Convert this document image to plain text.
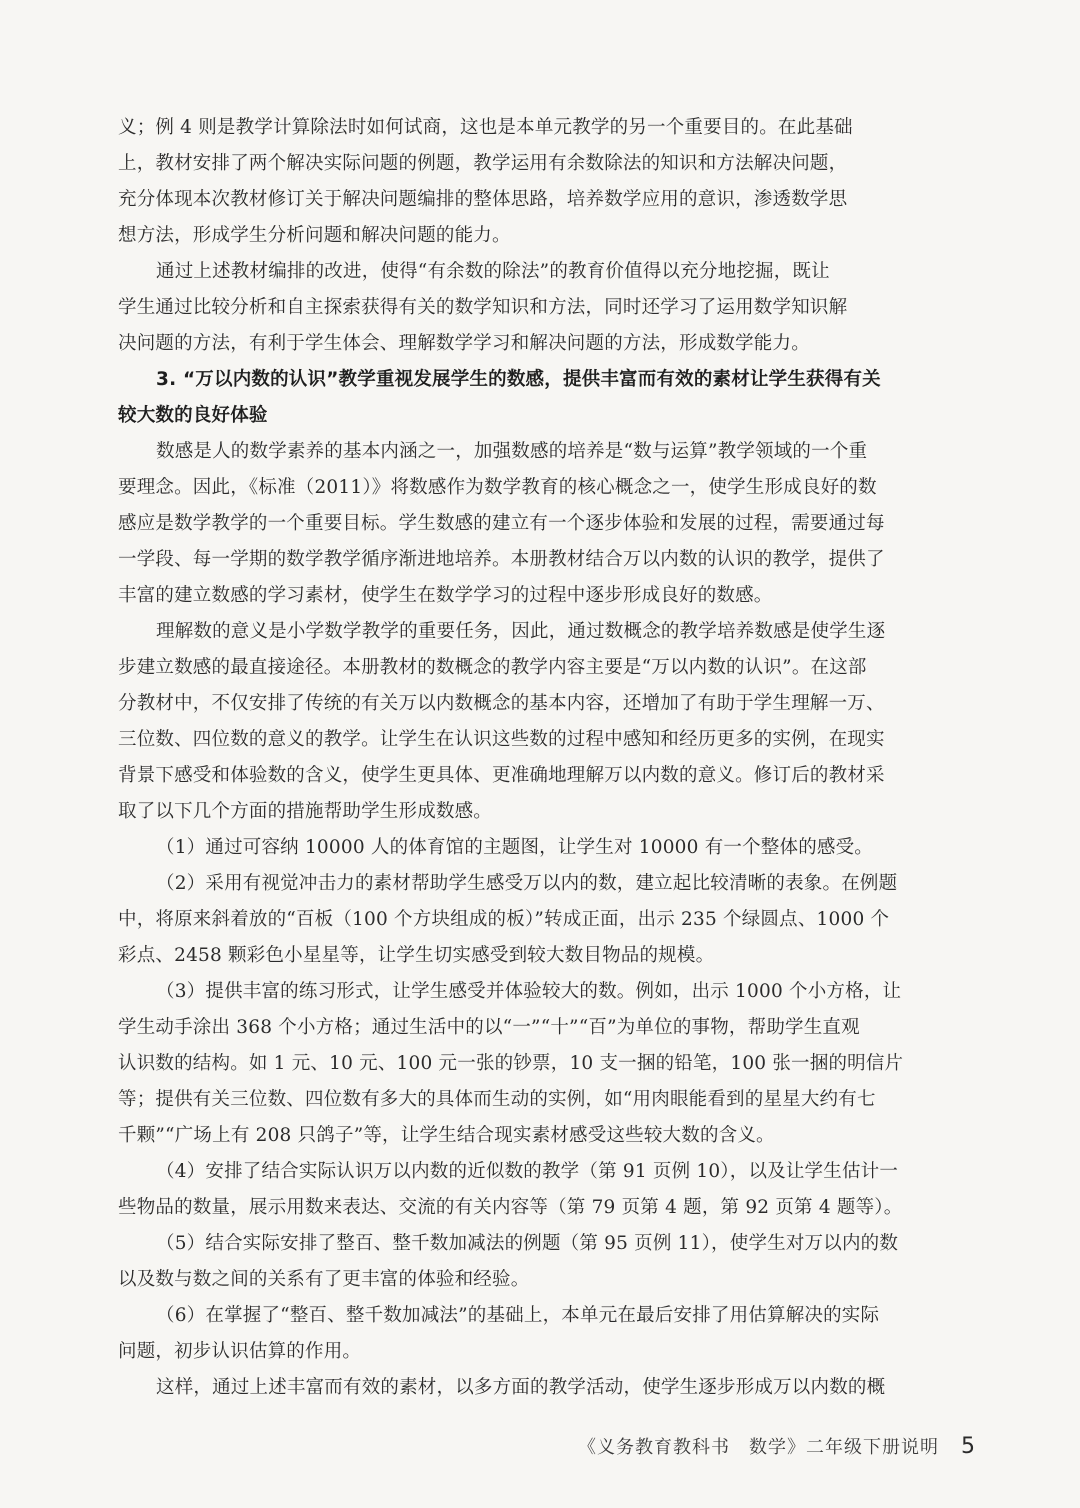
义；例 4 则是教学计算除法时如何试商，这也是本单元教学的另一个重要目的。在此基础
上，教材安排了两个解决实际问题的例题，教学运用有余数除法的知识和方法解决问题，
充分体现本次教材修订关于解决问题编排的整体思路，培养数学应用的意识，渗透数学思
想方法，形成学生分析问题和解决问题的能力。
通过上述教材编排的改进，使得“有余数的除法”的教育价值得以充分地挖掘，既让
学生通过比较分析和自主探索获得有关的数学知识和方法，同时还学习了运用数学知识解
决问题的方法，有利于学生体会、理解数学学习和解决问题的方法，形成数学能力。
3. “万以内数的认识”教学重视发展学生的数感，提供丰富而有效的素材让学生获得有关
较大数的良好体验
数感是人的数学素养的基本内涵之一，加强数感的培养是“数与运算”教学领域的一个重
要理念。因此，《标准（2011）》将数感作为数学教育的核心概念之一，使学生形成良好的数
感应是数学教学的一个重要目标。学生数感的建立有一个逐步体验和发展的过程，需要通过每
一学段、每一学期的数学教学循序渐进地培养。本册教材结合万以内数的认识的教学，提供了
丰富的建立数感的学习素材，使学生在数学学习的过程中逐步形成良好的数感。
理解数的意义是小学数学教学的重要任务，因此，通过数概念的教学培养数感是使学生逐
步建立数感的最直接途径。本册教材的数概念的教学内容主要是“万以内数的认识”。在这部
分教材中，不仅安排了传统的有关万以内数概念的基本内容，还增加了有助于学生理解一万、
三位数、四位数的意义的教学。让学生在认识这些数的过程中感知和经历更多的实例，在现实
背景下感受和体验数的含义，使学生更具体、更准确地理解万以内数的意义。修订后的教材采
取了以下几个方面的措施帮助学生形成数感。
（1）通过可容纳 10000 人的体育馆的主题图，让学生对 10000 有一个整体的感受。
（2）采用有视觉冲击力的素材帮助学生感受万以内的数，建立起比较清晰的表象。在例题
中，将原来斜着放的“百板（100 个方块组成的板）”转成正面，出示 235 个绿圆点、1000 个
彩点、2458 颗彩色小星星等，让学生切实感受到较大数目物品的规模。
（3）提供丰富的练习形式，让学生感受并体验较大的数。例如，出示 1000 个小方格，让
学生动手涂出 368 个小方格；通过生活中的以“一”“十”“百”为单位的事物，帮助学生直观
认识数的结构。如 1 元、10 元、100 元一张的钞票，10 支一捆的铅笔，100 张一捆的明信片
等；提供有关三位数、四位数有多大的具体而生动的实例，如“用肉眼能看到的星星大约有七
千颗”“广场上有 208 只鸽子”等，让学生结合现实素材感受这些较大数的含义。
（4）安排了结合实际认识万以内数的近似数的教学（第 91 页例 10），以及让学生估计一
些物品的数量，展示用数来表达、交流的有关内容等（第 79 页第 4 题，第 92 页第 4 题等）。
（5）结合实际安排了整百、整千数加减法的例题（第 95 页例 11），使学生对万以内的数
以及数与数之间的关系有了更丰富的体验和经验。
（6）在掌握了“整百、整千数加减法”的基础上，本单元在最后安排了用估算解决的实际
问题，初步认识估算的作用。
这样，通过上述丰富而有效的素材，以多方面的教学活动，使学生逐步形成万以内数的概
《义务教育教科书　数学》二年级下册说明 5
